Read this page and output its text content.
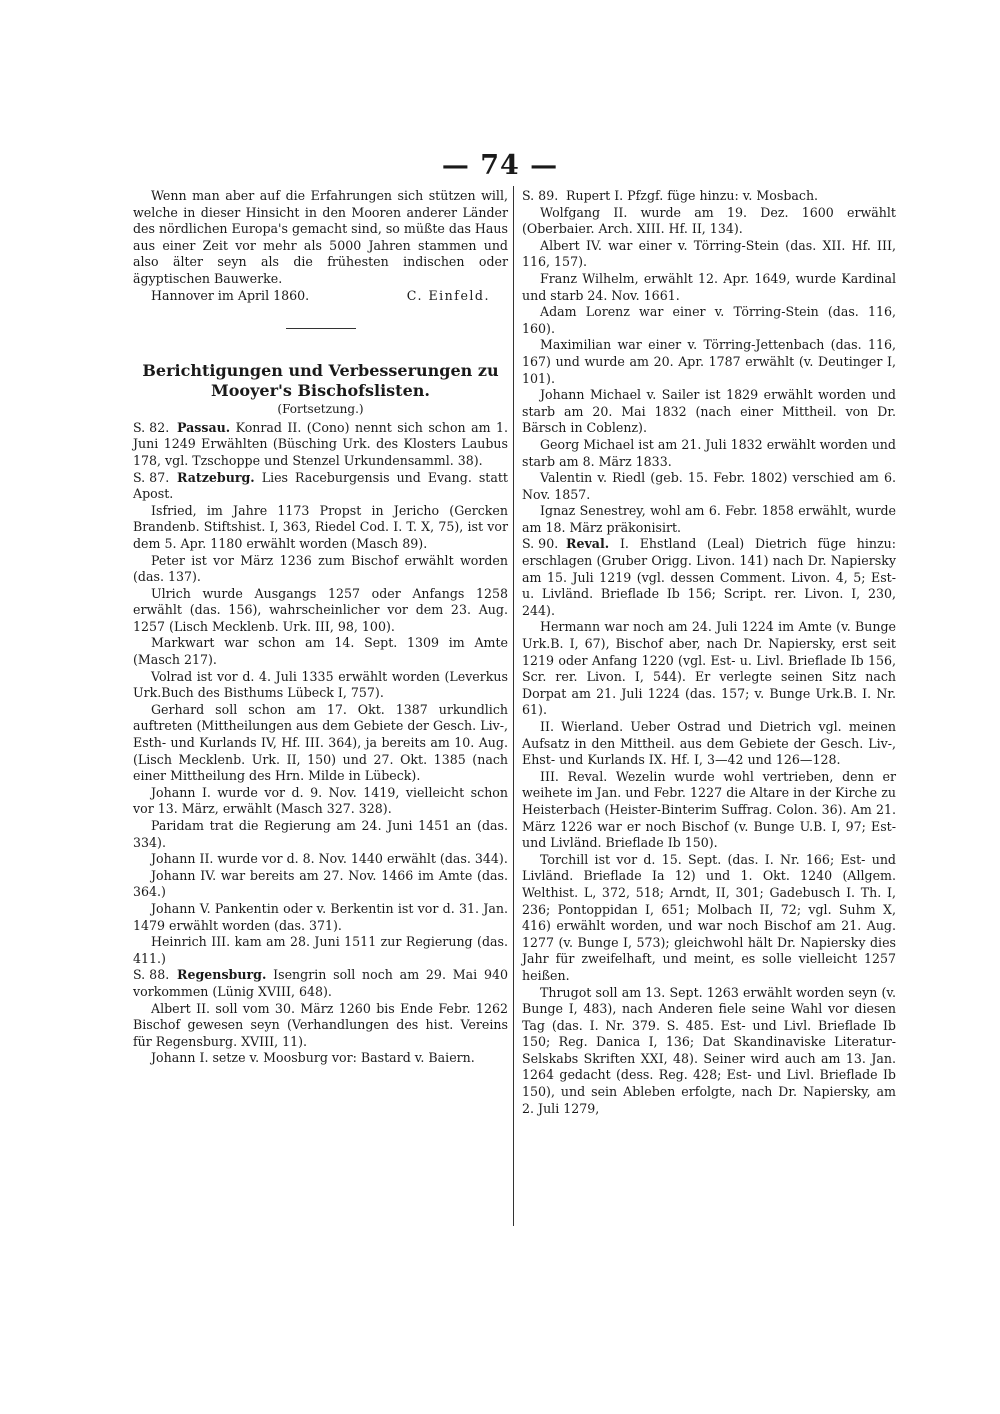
— 74 —

Wenn man aber auf die Erfahrungen sich stützen will, welche in dieser Hinsicht in den Mooren anderer Länder des nördlichen Europa's gemacht sind, so müßte das Haus aus einer Zeit vor mehr als 5000 Jahren stammen und also älter seyn als die frühesten indischen oder ägyptischen Bauwerke.

Hannover im April 1860.	C. Einfeld.

Berichtigungen und Verbesserungen zu

Mooyer's Bischofslisten.

(Fortsetzung.)

S. 82. Passau. Konrad II. (Cono) nennt sich schon am 1. Juni 1249 Erwählten (Büsching Urk. des Klosters Laubus 178, vgl. Tzschoppe und Stenzel Urkundensamml. 38).

S. 87. Ratzeburg. Lies Raceburgensis und Evang. statt Apost.

Isfried, im Jahre 1173 Propst in Jericho (Gercken Brandenb. Stiftshist. I, 363, Riedel Cod. I. T. X, 75), ist vor dem 5. Apr. 1180 erwählt worden (Masch 89).

Peter ist vor März 1236 zum Bischof erwählt worden (das. 137).

Ulrich wurde Ausgangs 1257 oder Anfangs 1258 erwählt (das. 156), wahrscheinlicher vor dem 23. Aug. 1257 (Lisch Mecklenb. Urk. III, 98, 100).

Markwart war schon am 14. Sept. 1309 im Amte (Masch 217).

Volrad ist vor d. 4. Juli 1335 erwählt worden (Leverkus Urk.Buch des Bisthums Lübeck I, 757).

Gerhard soll schon am 17. Okt. 1387 urkundlich auftreten (Mittheilungen aus dem Gebiete der Gesch. Liv-, Esth- und Kurlands IV, Hf. III. 364), ja bereits am 10. Aug. (Lisch Mecklenb. Urk. II, 150) und 27. Okt. 1385 (nach einer Mittheilung des Hrn. Milde in Lübeck).

Johann I. wurde vor d. 9. Nov. 1419, vielleicht schon vor 13. März, erwählt (Masch 327. 328).

Paridam trat die Regierung am 24. Juni 1451 an (das. 334).

Johann II. wurde vor d. 8. Nov. 1440 erwählt (das. 344).

Johann IV. war bereits am 27. Nov. 1466 im Amte (das. 364.)

Johann V. Pankentin oder v. Berkentin ist vor d. 31. Jan. 1479 erwählt worden (das. 371).

Heinrich III. kam am 28. Juni 1511 zur Regierung (das. 411.)

S. 88. Regensburg. Isengrin soll noch am 29. Mai 940 vorkommen (Lünig XVIII, 648).

Albert II. soll vom 30. März 1260 bis Ende Febr. 1262 Bischof gewesen seyn (Verhandlungen des hist. Vereins für Regensburg. XVIII, 11).

Johann I. setze v. Moosburg vor: Bastard v. Baiern.

S. 89. Rupert I. Pfzgf. füge hinzu: v. Mosbach.

Wolfgang II. wurde am 19. Dez. 1600 erwählt (Oberbaier. Arch. XIII. Hf. II, 134).

Albert IV. war einer v. Törring-Stein (das. XII. Hf. III, 116, 157).

Franz Wilhelm, erwählt 12. Apr. 1649, wurde Kardinal und starb 24. Nov. 1661.

Adam Lorenz war einer v. Törring-Stein (das. 116, 160).

Maximilian war einer v. Törring-Jettenbach (das. 116, 167) und wurde am 20. Apr. 1787 erwählt (v. Deutinger I, 101).

Johann Michael v. Sailer ist 1829 erwählt worden und starb am 20. Mai 1832 (nach einer Mittheil. von Dr. Bärsch in Coblenz).

Georg Michael ist am 21. Juli 1832 erwählt worden und starb am 8. März 1833.

Valentin v. Riedl (geb. 15. Febr. 1802) verschied am 6. Nov. 1857.

Ignaz Senestrey, wohl am 6. Febr. 1858 erwählt, wurde am 18. März präkonisirt.

S. 90. Reval. I. Ehstland (Leal) Dietrich füge hinzu: erschlagen (Gruber Origg. Livon. 141) nach Dr. Napiersky am 15. Juli 1219 (vgl. dessen Comment. Livon. 4, 5; Est- u. Livländ. Brieflade Ib 156; Script. rer. Livon. I, 230, 244).

Hermann war noch am 24. Juli 1224 im Amte (v. Bunge Urk.B. I, 67), Bischof aber, nach Dr. Napiersky, erst seit 1219 oder Anfang 1220 (vgl. Est- u. Livl. Brieflade Ib 156, Scr. rer. Livon. I, 544). Er verlegte seinen Sitz nach Dorpat am 21. Juli 1224 (das. 157; v. Bunge Urk.B. I. Nr. 61).

II. Wierland. Ueber Ostrad und Dietrich vgl. meinen Aufsatz in den Mittheil. aus dem Gebiete der Gesch. Liv-, Ehst- und Kurlands IX. Hf. I, 3—42 und 126—128.

III. Reval. Wezelin wurde wohl vertrieben, denn er weihete im Jan. und Febr. 1227 die Altare in der Kirche zu Heisterbach (Heister-Binterim Suffrag. Colon. 36). Am 21. März 1226 war er noch Bischof (v. Bunge U.B. I, 97; Est- und Livländ. Brieflade Ib 150).

Torchill ist vor d. 15. Sept. (das. I. Nr. 166; Est- und Livländ. Brieflade Ia 12) und 1. Okt. 1240 (Allgem. Welthist. L, 372, 518; Arndt, II, 301; Gadebusch I. Th. I, 236; Pontoppidan I, 651; Molbach II, 72; vgl. Suhm X, 416) erwählt worden, und war noch Bischof am 21. Aug. 1277 (v. Bunge I, 573); gleichwohl hält Dr. Napiersky dies Jahr für zweifelhaft, und meint, es solle vielleicht 1257 heißen.

Thrugot soll am 13. Sept. 1263 erwählt worden seyn (v. Bunge I, 483), nach Anderen fiele seine Wahl vor diesen Tag (das. I. Nr. 379. S. 485. Est- und Livl. Brieflade Ib 150; Reg. Danica I, 136; Dat Skandinaviske Literatur-Selskabs Skriften XXI, 48). Seiner wird auch am 13. Jan. 1264 gedacht (dess. Reg. 428; Est- und Livl. Brieflade Ib 150), und sein Ableben erfolgte, nach Dr. Napiersky, am 2. Juli 1279,
